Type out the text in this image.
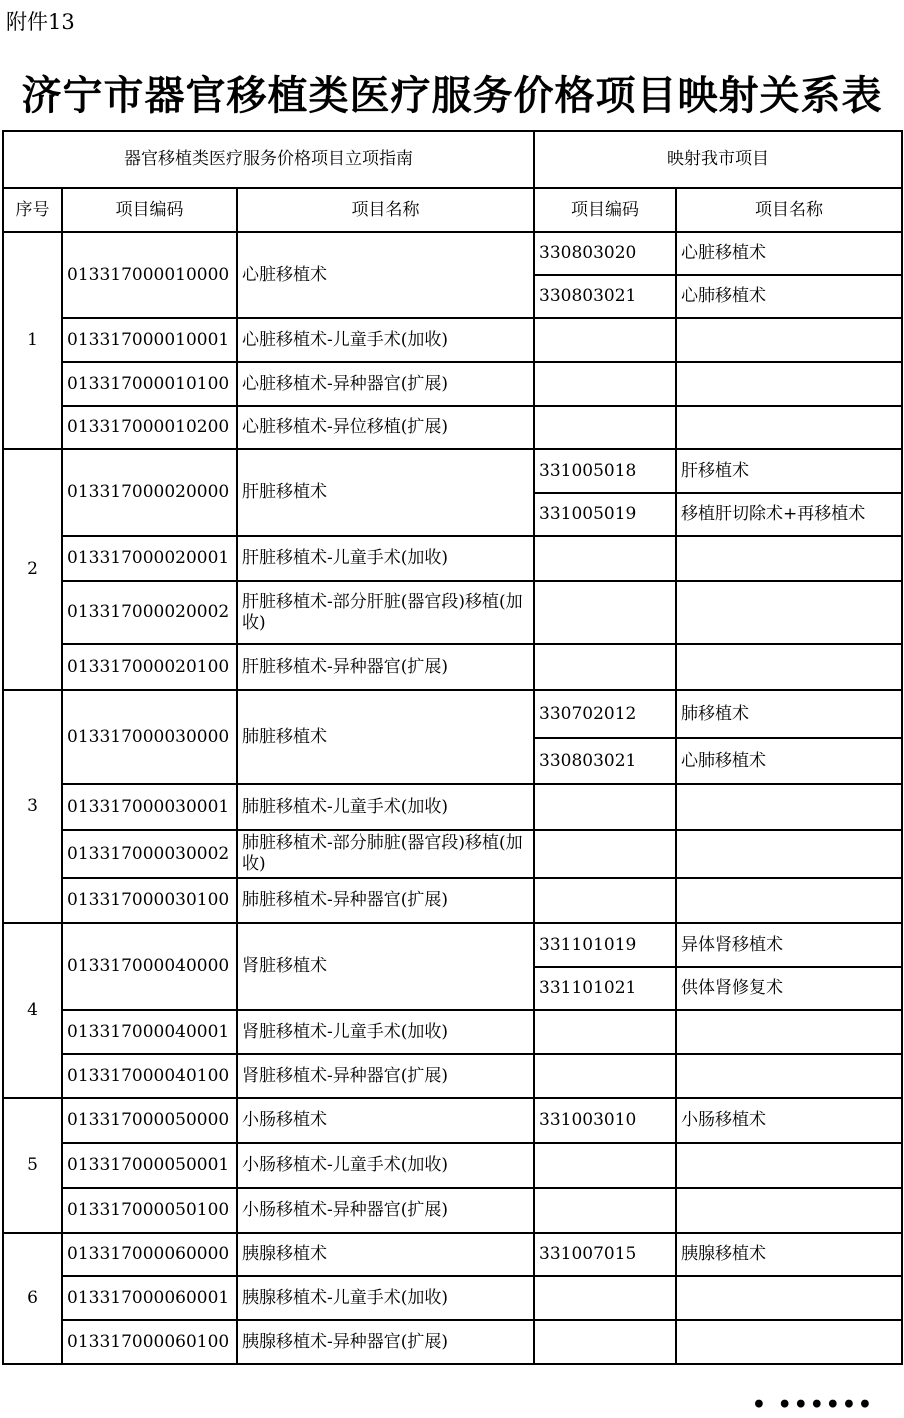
附件13
济宁市器官移植类医疗服务价格项目映射关系表
器官移植类医疗服务价格项目立项指南			映射我市项目	
序号	项目编码	项目名称	项目编码	项目名称
1	013317000010000	心脏移植术	330803020	心脏移植术
			330803021	心肺移植术
	013317000010001	心脏移植术-儿童手术(加收)		
	013317000010100	心脏移植术-异种器官(扩展)		
	013317000010200	心脏移植术-异位移植(扩展)		
2	013317000020000	肝脏移植术	331005018	肝移植术
			331005019	移植肝切除术+再移植术
	013317000020001	肝脏移植术-儿童手术(加收)		
	013317000020002	肝脏移植术-部分肝脏(器官段)移植(加收)		
	013317000020100	肝脏移植术-异种器官(扩展)		
3	013317000030000	肺脏移植术	330702012	肺移植术
			330803021	心肺移植术
	013317000030001	肺脏移植术-儿童手术(加收)		
	013317000030002	肺脏移植术-部分肺脏(器官段)移植(加收)		
	013317000030100	肺脏移植术-异种器官(扩展)		
4	013317000040000	肾脏移植术	331101019	异体肾移植术
			331101021	供体肾修复术
	013317000040001	肾脏移植术-儿童手术(加收)		
	013317000040100	肾脏移植术-异种器官(扩展)		
5	013317000050000	小肠移植术	331003010	小肠移植术
	013317000050001	小肠移植术-儿童手术(加收)		
	013317000050100	小肠移植术-异种器官(扩展)		
6	013317000060000	胰腺移植术	331007015	胰腺移植术
	013317000060001	胰腺移植术-儿童手术(加收)		
	013317000060100	胰腺移植术-异种器官(扩展)		
• ••••••
